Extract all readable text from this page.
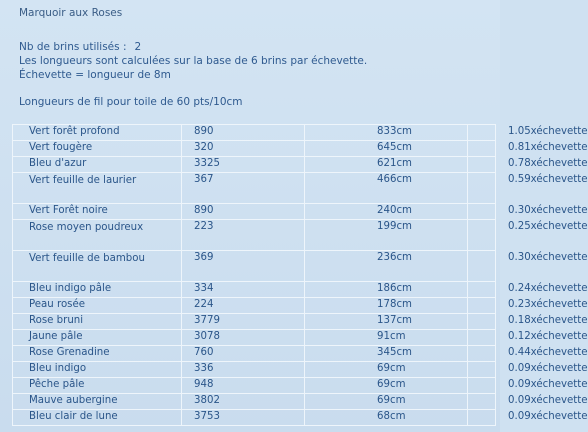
Marquoir aux Roses
Nb de brins utilisés : 2
Les longueurs sont calculées sur la base de 6 brins par échevette.
Échevette = longueur de 8m
Longueurs de fil pour toile de 60 pts/10cm
Vert forêt profond	890	833cm	1.05xéchevette
Vert fougère	320	645cm	0.81xéchevette
Bleu d'azur	3325	621cm	0.78xéchevette
Vert feuille de laurier	367	466cm	0.59xéchevette
Vert Forêt noire	890	240cm	0.30xéchevette
Rose moyen poudreux	223	199cm	0.25xéchevette
Vert feuille de bambou	369	236cm	0.30xéchevette
Bleu indigo pâle	334	186cm	0.24xéchevette
Peau rosée	224	178cm	0.23xéchevette
Rose bruni	3779	137cm	0.18xéchevette
Jaune pâle	3078	91cm	0.12xéchevette
Rose Grenadine	760	345cm	0.44xéchevette
Bleu indigo	336	69cm	0.09xéchevette
Pêche pâle	948	69cm	0.09xéchevette
Mauve aubergine	3802	69cm	0.09xéchevette
Bleu clair de lune	3753	68cm	0.09xéchevette
